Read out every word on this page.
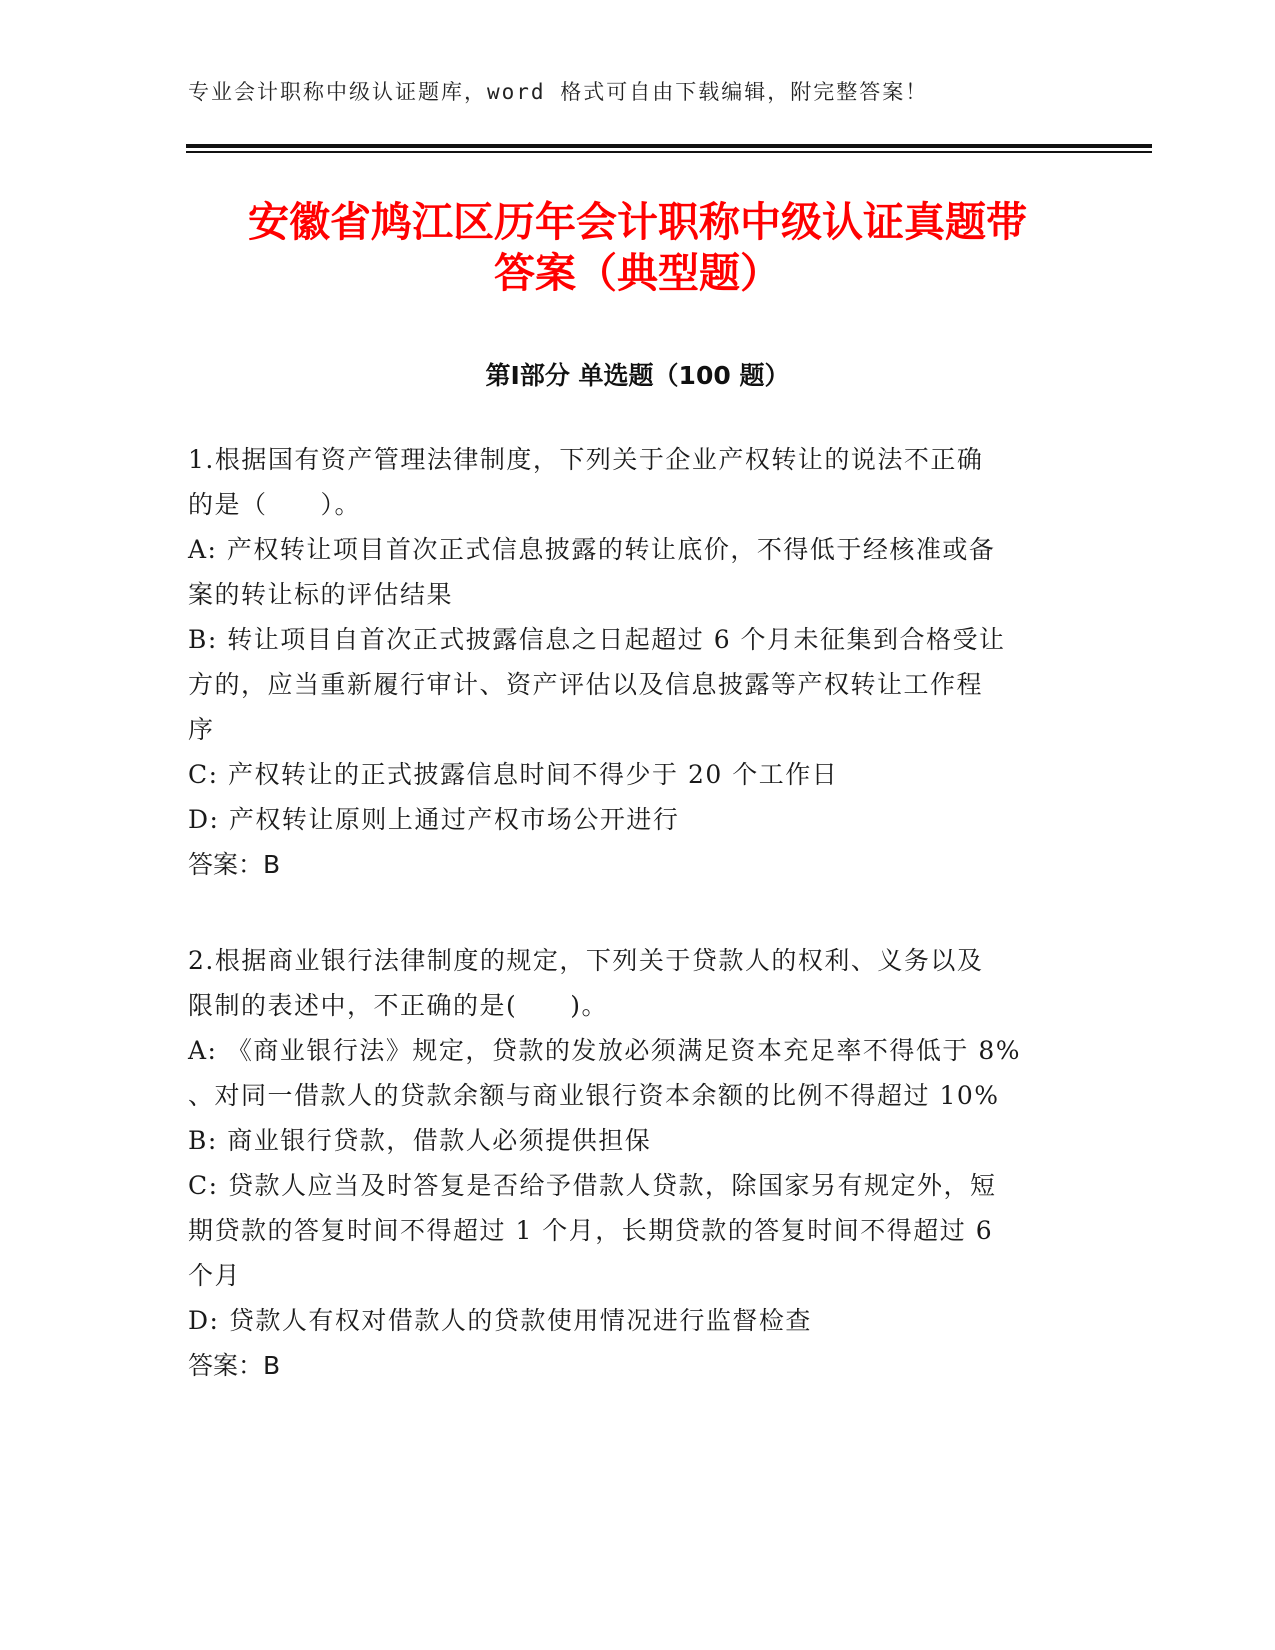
专业会计职称中级认证题库，word 格式可自由下载编辑，附完整答案！
安徽省鸠江区历年会计职称中级认证真题带
答案（典型题）
第Ⅰ部分 单选题（100 题）

1.根据国有资产管理法律制度，下列关于企业产权转让的说法不正确

的是（　　）。

A: 产权转让项目首次正式信息披露的转让底价，不得低于经核准或备

案的转让标的评估结果

B: 转让项目自首次正式披露信息之日起超过 6 个月未征集到合格受让

方的，应当重新履行审计、资产评估以及信息披露等产权转让工作程

序

C: 产权转让的正式披露信息时间不得少于 20 个工作日

D: 产权转让原则上通过产权市场公开进行

答案：B

2.根据商业银行法律制度的规定，下列关于贷款人的权利、义务以及

限制的表述中，不正确的是(　　)。

A: 《商业银行法》规定，贷款的发放必须满足资本充足率不得低于 8%

、对同一借款人的贷款余额与商业银行资本余额的比例不得超过 10%

B: 商业银行贷款，借款人必须提供担保

C: 贷款人应当及时答复是否给予借款人贷款，除国家另有规定外，短

期贷款的答复时间不得超过 1 个月，长期贷款的答复时间不得超过 6

个月

D: 贷款人有权对借款人的贷款使用情况进行监督检查

答案：B
